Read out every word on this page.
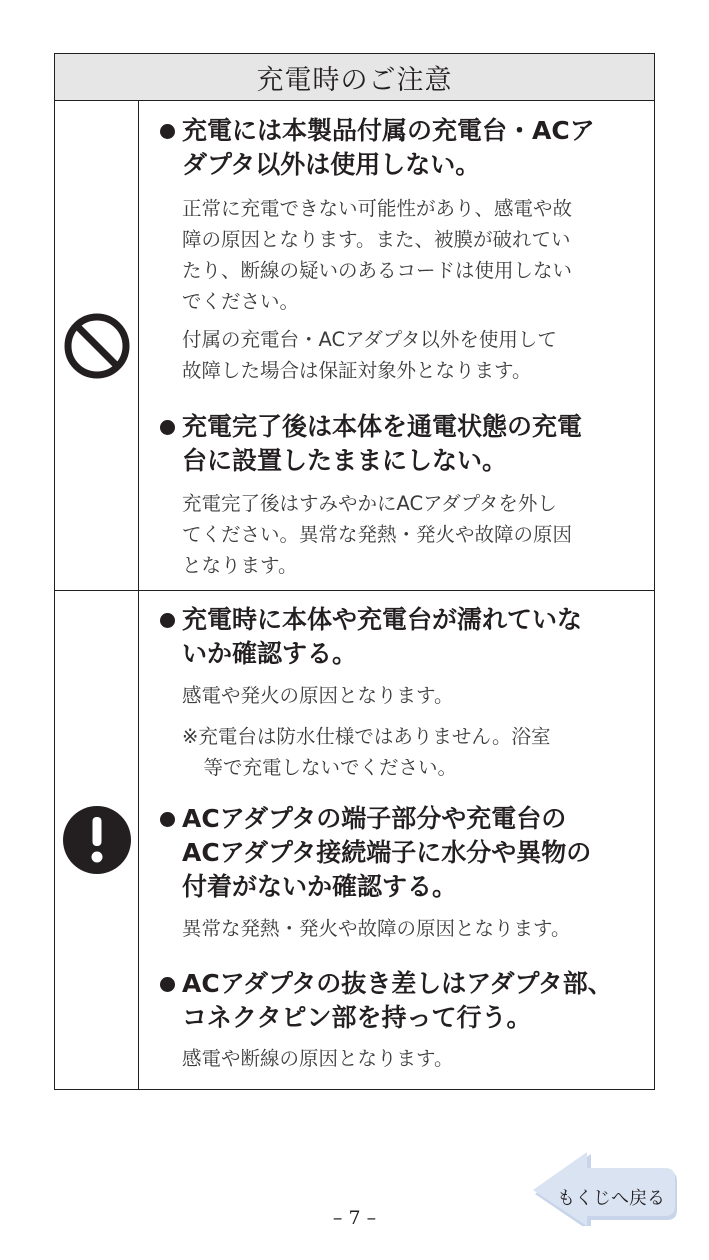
充電時のご注意
充電には本製品付属の充電台・ACア
ダプタ以外は使用しない。
正常に充電できない可能性があり、感電や故
障の原因となります。また、被膜が破れてい
たり、断線の疑いのあるコードは使用しない
でください。
付属の充電台・ACアダプタ以外を使用して
故障した場合は保証対象外となります。
充電完了後は本体を通電状態の充電
台に設置したままにしない。
充電完了後はすみやかにACアダプタを外し
てください。異常な発熱・発火や故障の原因
となります。
充電時に本体や充電台が濡れていな
いか確認する。
感電や発火の原因となります。
※充電台は防水仕様ではありません。浴室
等で充電しないでください。
ACアダプタの端子部分や充電台の
ACアダプタ接続端子に水分や異物の
付着がないか確認する。
異常な発熱・発火や故障の原因となります。
ACアダプタの抜き差しはアダプタ部、
コネクタピン部を持って行う。
感電や断線の原因となります。
もくじへ戻る
– 7 –
